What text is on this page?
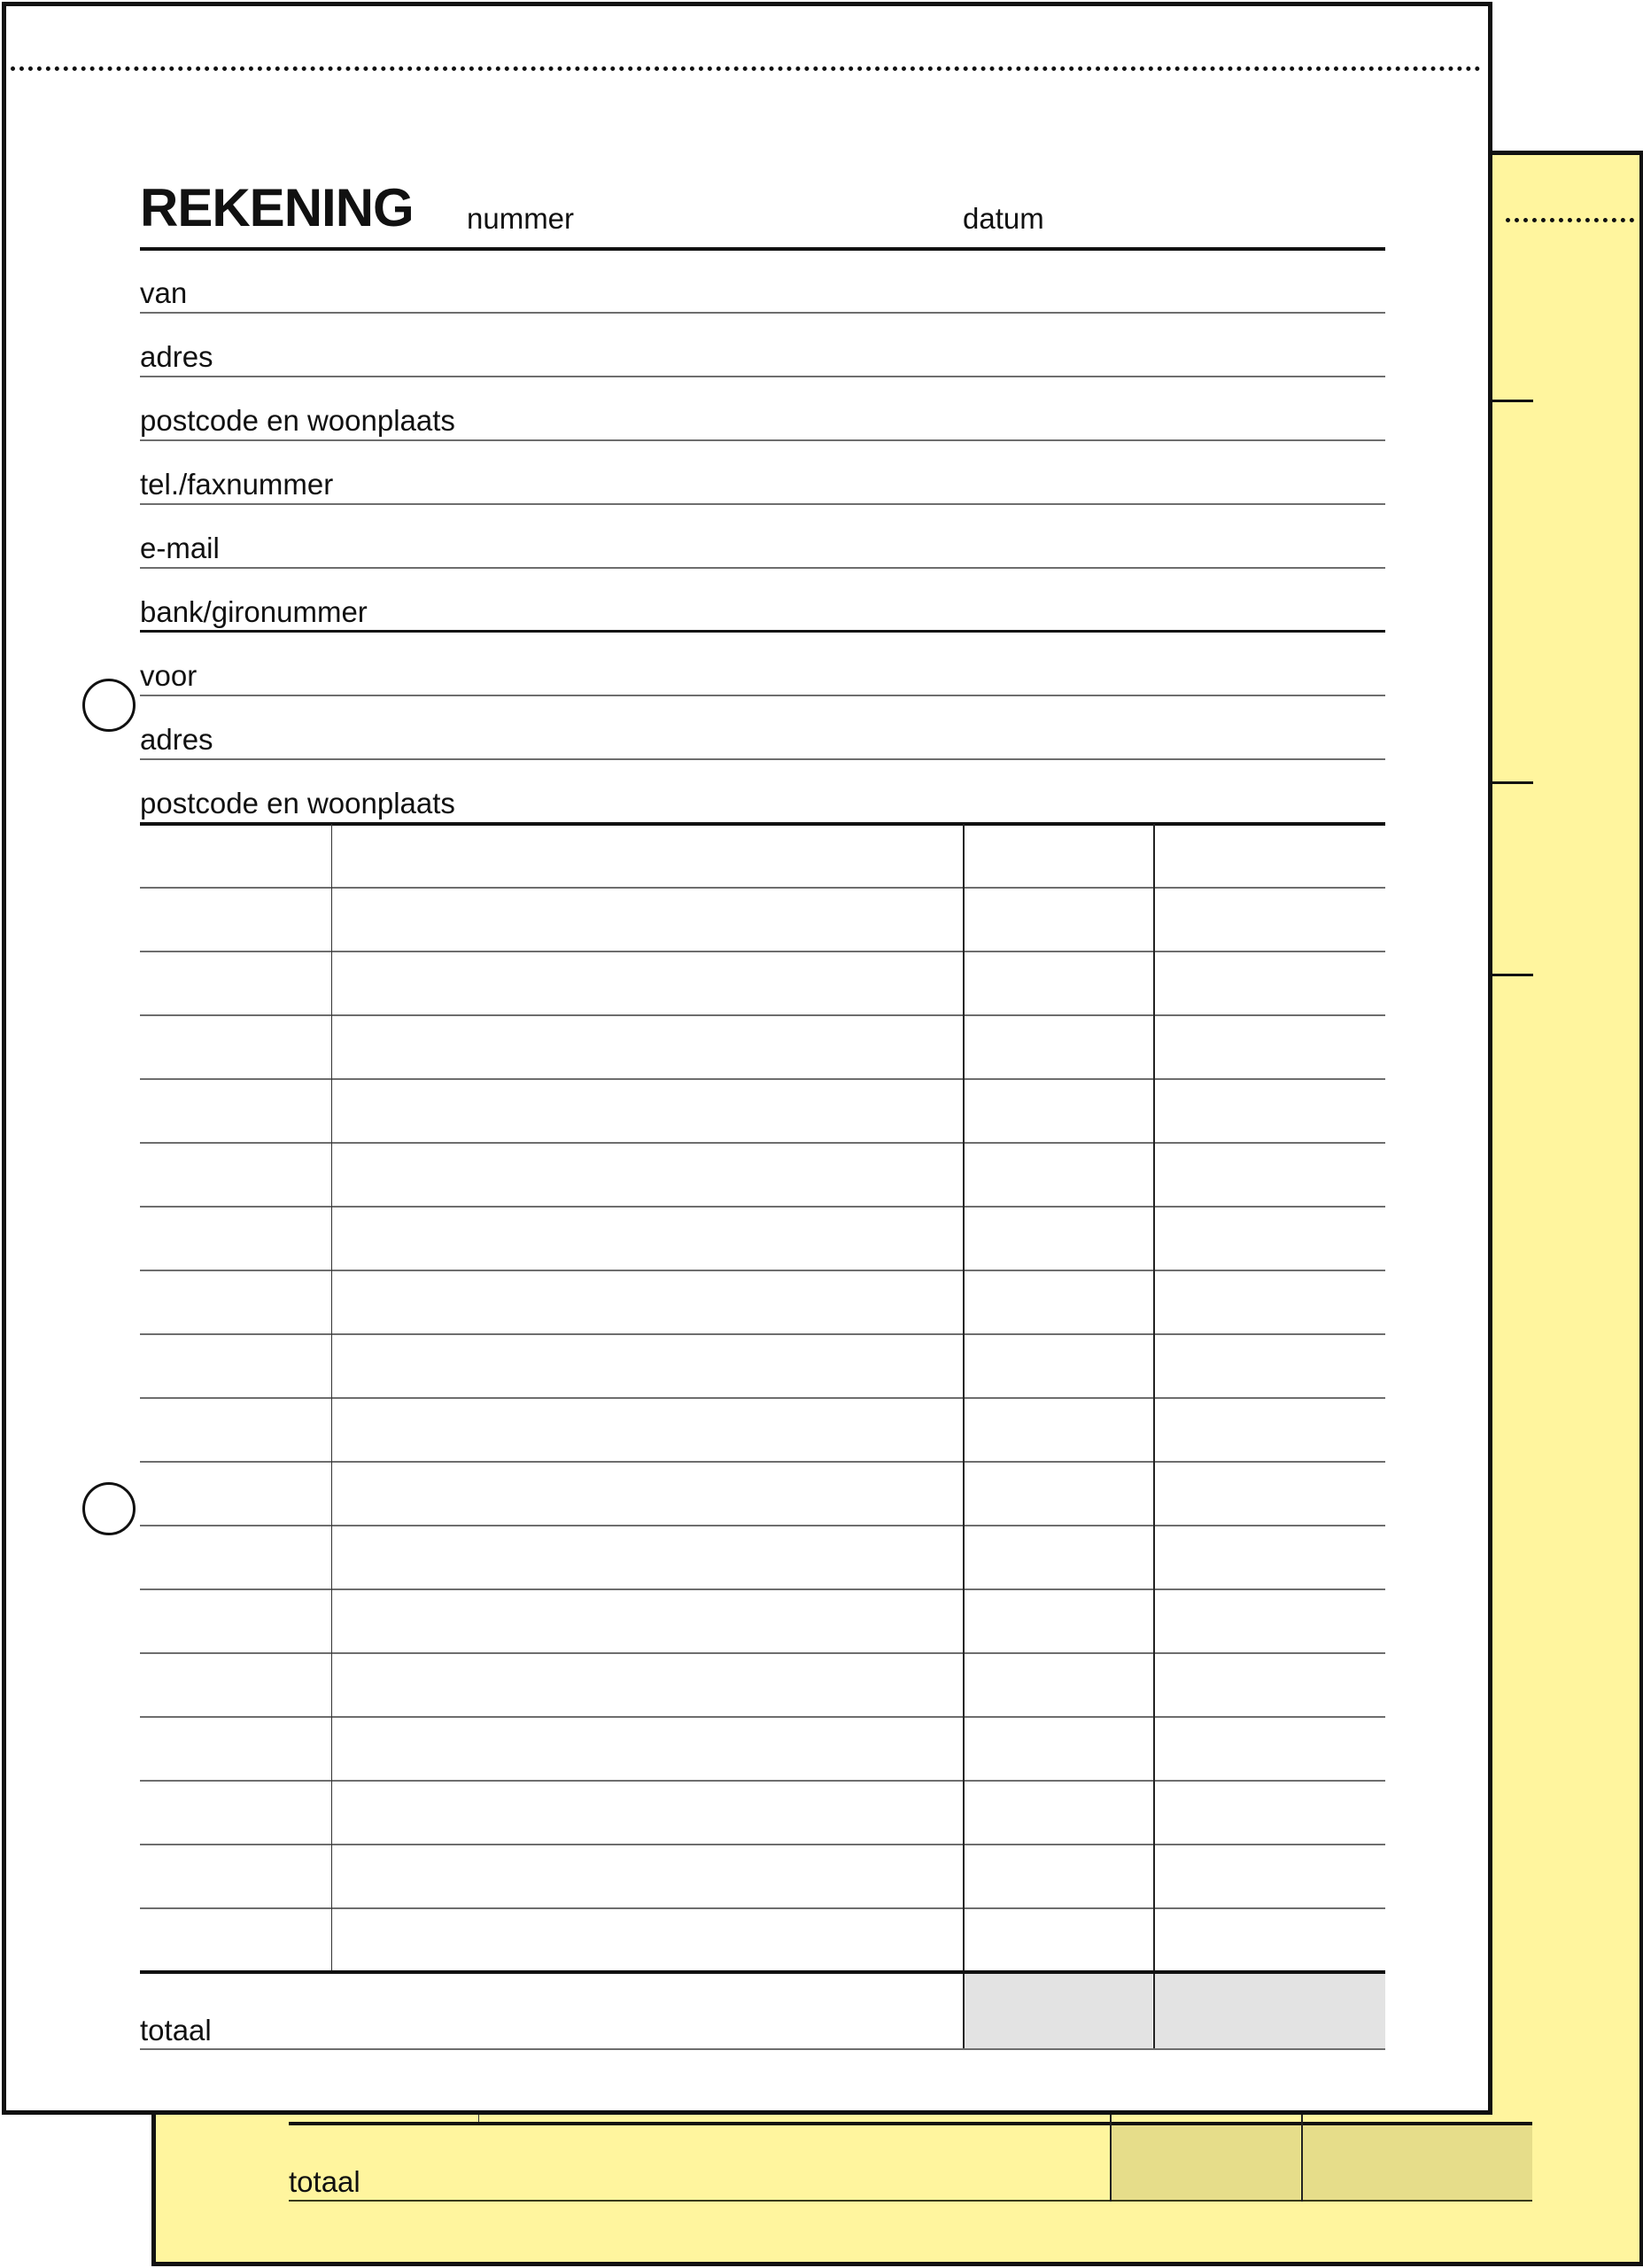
totaal
REKENING nummer	datum
van
adres
postcode en woonplaats
tel./faxnummer
e-mail
bank/gironummer
voor
adres
postcode en woonplaats
totaal
